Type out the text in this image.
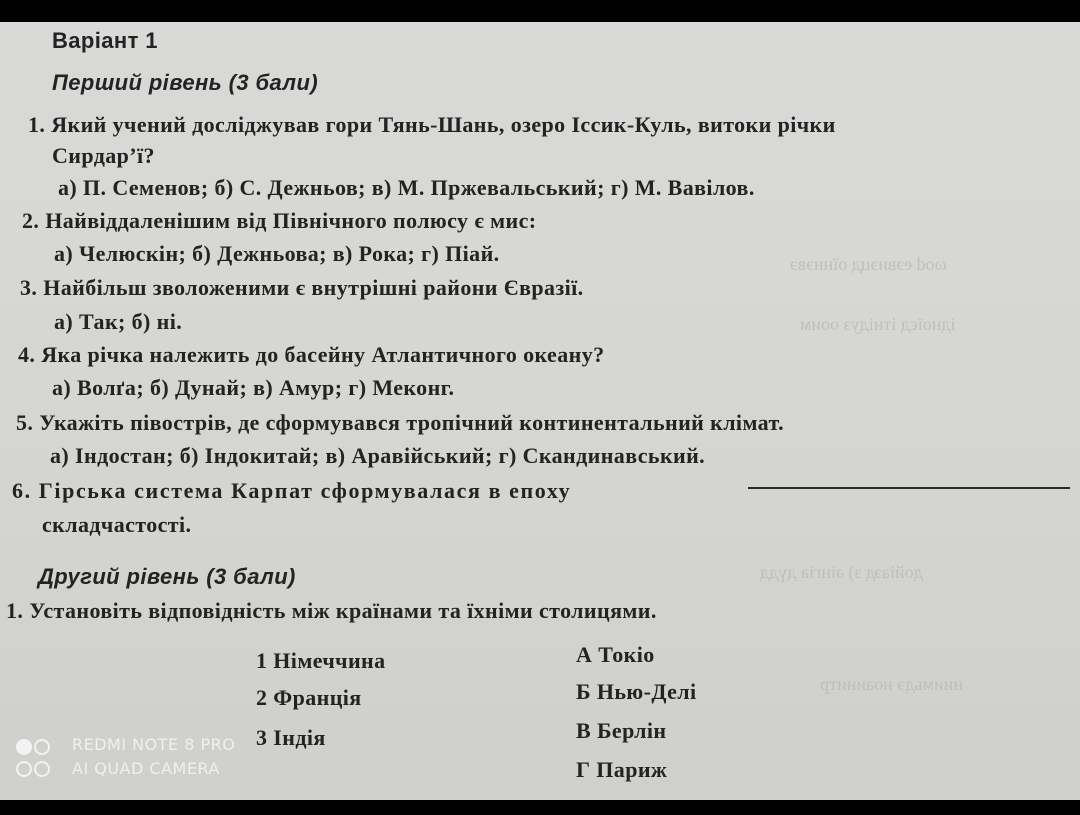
ωоd еэвиэцд оїннэвэ
ідноїєд ітнідуз ооим
дойіаэд з) әінгіа дүдд
ниимьдэ ноаинитр
Варіант 1
Перший рівень (3 бали)
1. Який учений досліджував гори Тянь-Шань, озеро Іссик-Куль, витоки річки
Сирдар’ї?
а) П. Семенов; б) С. Дежньов; в) М. Пржевальський; г) М. Вавілов.
2. Найвіддаленішим від Північного полюсу є мис:
а) Челюскін; б) Дежньова; в) Рока; г) Піай.
3. Найбільш зволоженими є внутрішні райони Євразії.
а) Так; б) ні.
4. Яка річка належить до басейну Атлантичного океану?
а) Волґа; б) Дунай; в) Амур; г) Меконг.
5. Укажіть півострів, де сформувався тропічний континентальний клімат.
а) Індостан; б) Індокитай; в) Аравійський; г) Скандинавський.
6. Гірська система Карпат сформувалася в епоху
складчастості.
Другий рівень (3 бали)
1. Установіть відповідність між країнами та їхніми столицями.
1 Німеччина
2 Франція
3 Індія
А Токіо
Б Нью-Делі
В Берлін
Г Париж
REDMI NOTE 8 PRO
AI QUAD CAMERA
